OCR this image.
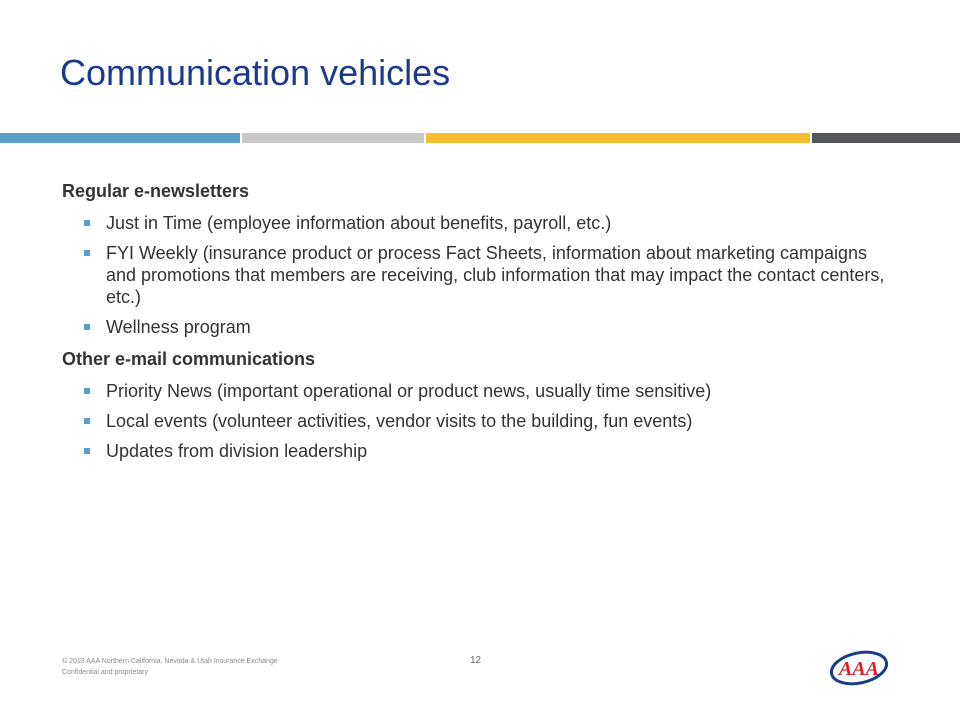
Communication vehicles
Regular e-newsletters
Just in Time (employee information about benefits, payroll, etc.)
FYI Weekly (insurance product or process Fact Sheets, information about marketing campaigns and promotions that members are receiving, club information that may impact the contact centers, etc.)
Wellness program
Other e-mail communications
Priority News (important operational or product news, usually time sensitive)
Local events (volunteer activities, vendor visits to the building, fun events)
Updates from division leadership
© 2013 AAA Northern California, Nevada & Utah Insurance Exchange
Confidential and proprietary
12	AAA
